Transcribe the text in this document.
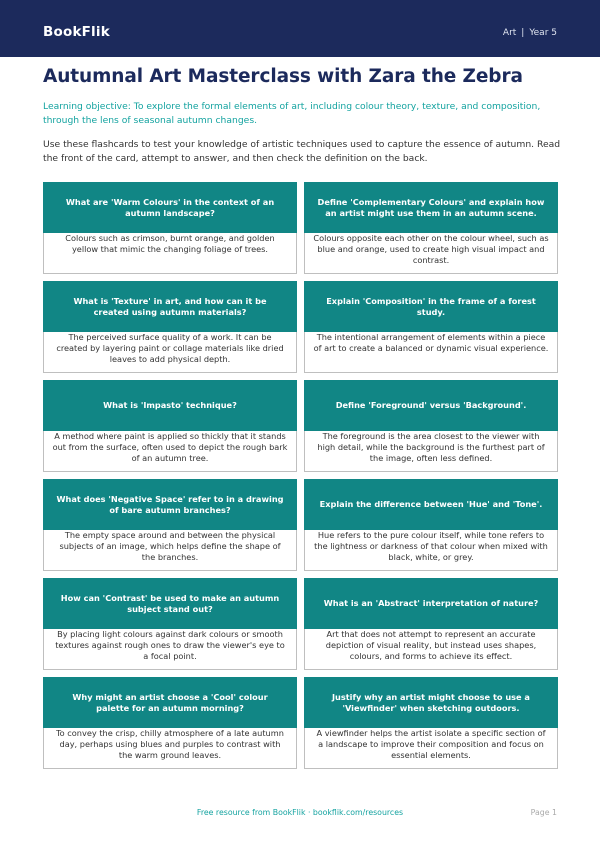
BookFlik	Art | Year 5
Autumnal Art Masterclass with Zara the Zebra

Learning objective: To explore the formal elements of art, including colour theory, texture, and composition, through the lens of seasonal autumn changes.

Use these flashcards to test your knowledge of artistic techniques used to capture the essence of autumn. Read the front of the card, attempt to answer, and then check the definition on the back.

What are 'Warm Colours' in the context of an autumn landscape?
Colours such as crimson, burnt orange, and golden yellow that mimic the changing foliage of trees.
Define 'Complementary Colours' and explain how an artist might use them in an autumn scene.
Colours opposite each other on the colour wheel, such as blue and orange, used to create high visual impact and contrast.
What is 'Texture' in art, and how can it be created using autumn materials?
The perceived surface quality of a work. It can be created by layering paint or collage materials like dried leaves to add physical depth.
Explain 'Composition' in the frame of a forest study.
The intentional arrangement of elements within a piece of art to create a balanced or dynamic visual experience.
What is 'Impasto' technique?
A method where paint is applied so thickly that it stands out from the surface, often used to depict the rough bark of an autumn tree.
Define 'Foreground' versus 'Background'.
The foreground is the area closest to the viewer with high detail, while the background is the furthest part of the image, often less defined.
What does 'Negative Space' refer to in a drawing of bare autumn branches?
The empty space around and between the physical subjects of an image, which helps define the shape of the branches.
Explain the difference between 'Hue' and 'Tone'.
Hue refers to the pure colour itself, while tone refers to the lightness or darkness of that colour when mixed with black, white, or grey.
How can 'Contrast' be used to make an autumn subject stand out?
By placing light colours against dark colours or smooth textures against rough ones to draw the viewer's eye to a focal point.
What is an 'Abstract' interpretation of nature?
Art that does not attempt to represent an accurate depiction of visual reality, but instead uses shapes, colours, and forms to achieve its effect.
Why might an artist choose a 'Cool' colour palette for an autumn morning?
To convey the crisp, chilly atmosphere of a late autumn day, perhaps using blues and purples to contrast with the warm ground leaves.
Justify why an artist might choose to use a 'Viewfinder' when sketching outdoors.
A viewfinder helps the artist isolate a specific section of a landscape to improve their composition and focus on essential elements.
Free resource from BookFlik · bookflik.com/resources	Page 1
